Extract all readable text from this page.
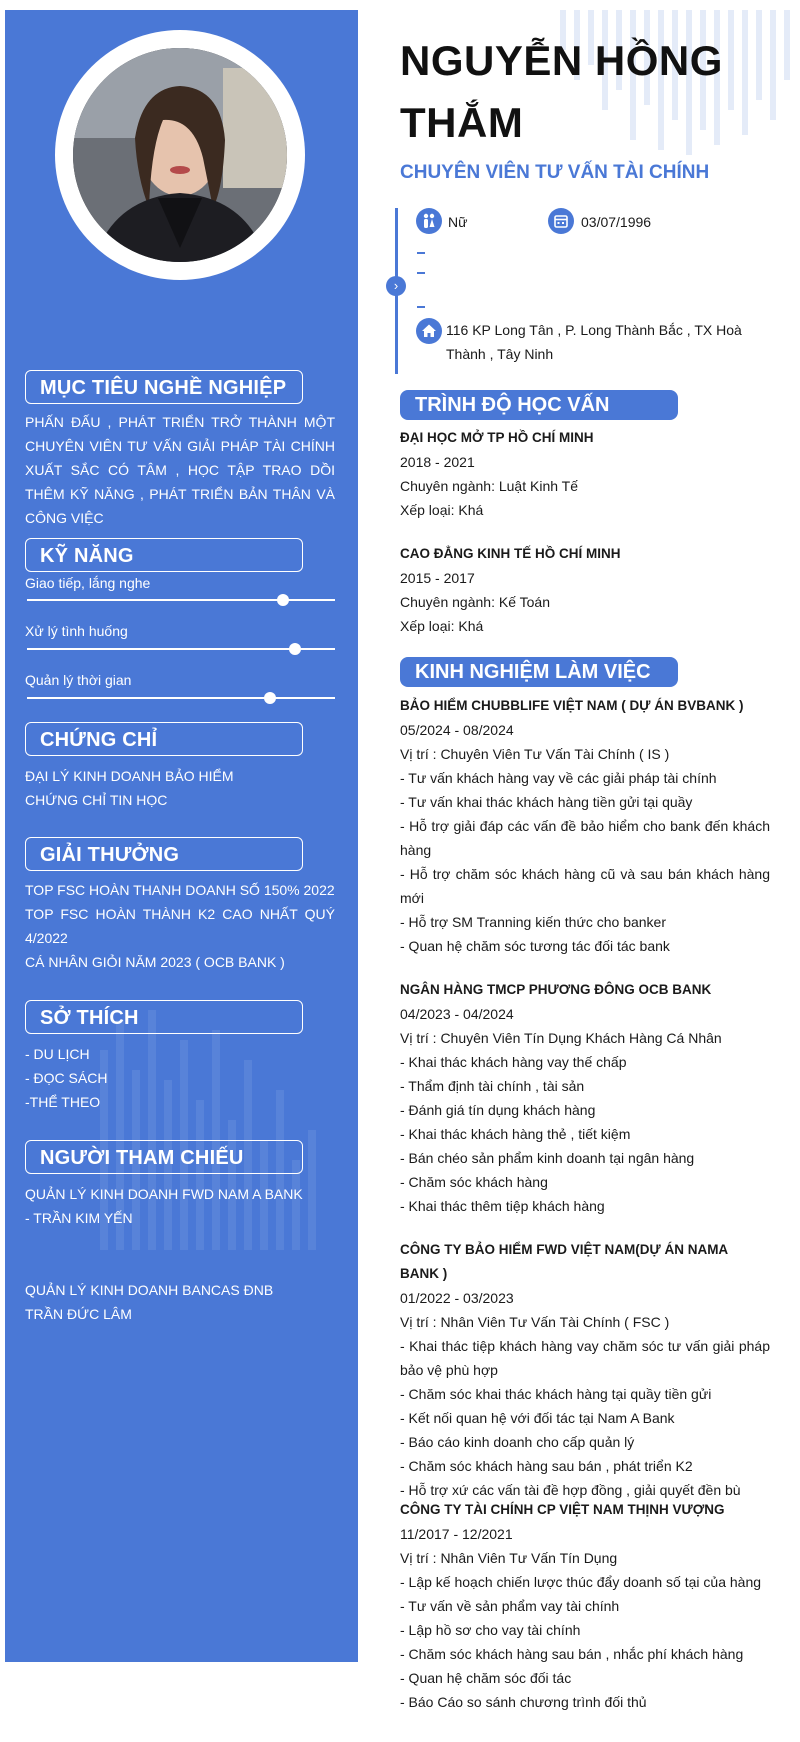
MỤC TIÊU NGHỀ NGHIỆP
PHẤN ĐẤU , PHÁT TRIỂN TRỞ THÀNH MỘT CHUYÊN VIÊN TƯ VẤN GIẢI PHÁP TÀI CHÍNH XUẤT SẮC CÓ TÂM , HỌC TẬP TRAO DỒI THÊM KỸ NĂNG , PHÁT TRIỂN BẢN THÂN VÀ CÔNG VIỆC
KỸ NĂNG
Giao tiếp, lắng nghe
Xử lý tình huống
Quản lý thời gian
CHỨNG CHỈ
ĐẠI LÝ KINH DOANH BẢO HIỂM
CHỨNG CHỈ TIN HỌC
GIẢI THƯỞNG
TOP FSC HOÀN THANH DOANH SỐ 150% 2022
TOP FSC HOÀN THÀNH K2 CAO NHẤT QUÝ 4/2022
CÁ NHÂN GIỎI NĂM 2023 ( OCB BANK )
SỞ THÍCH
- DU LỊCH
- ĐỌC SÁCH
-THỂ THEO
NGƯỜI THAM CHIẾU
QUẢN LÝ KINH DOANH FWD NAM A BANK
- TRẦN KIM YẾN
QUẢN LÝ KINH DOANH BANCAS ĐNB
TRẦN ĐỨC LÂM
NGUYỄN HỒNG THẮM
CHUYÊN VIÊN TƯ VẤN TÀI CHÍNH
›
Nữ	03/07/1996
116 KP Long Tân , P. Long Thành Bắc , TX Hoà Thành , Tây Ninh
TRÌNH ĐỘ HỌC VẤN
ĐẠI HỌC MỞ TP HỒ CHÍ MINH
2018 - 2021
Chuyên ngành: Luật Kinh Tế
Xếp loại: Khá
CAO ĐẲNG KINH TẾ HỒ CHÍ MINH
2015 - 2017
Chuyên ngành: Kế Toán
Xếp loại: Khá
KINH NGHIỆM LÀM VIỆC
BẢO HIỂM CHUBBLIFE VIỆT NAM ( DỰ ÁN BVBANK )
05/2024 - 08/2024
Vị trí : Chuyên Viên Tư Vấn Tài Chính ( IS )
- Tư vấn khách hàng vay về các giải pháp tài chính
- Tư vấn khai thác khách hàng tiền gửi tại quầy
- Hỗ trợ giải đáp các vấn đề bảo hiểm cho bank đến khách hàng
- Hỗ trợ chăm sóc khách hàng cũ và sau bán khách hàng mới
- Hỗ trợ SM Tranning kiến thức cho banker
- Quan hệ chăm sóc tương tác đối tác bank
NGÂN HÀNG TMCP PHƯƠNG ĐÔNG OCB BANK
04/2023 - 04/2024
Vị trí : Chuyên Viên Tín Dụng Khách Hàng Cá Nhân
- Khai thác khách hàng vay thế chấp
- Thẩm định tài chính , tài sản
- Đánh giá tín dụng khách hàng
- Khai thác khách hàng thẻ , tiết kiệm
- Bán chéo sản phẩm kinh doanh tại ngân hàng
- Chăm sóc khách hàng
- Khai thác thêm tiệp khách hàng
CÔNG TY BẢO HIỂM FWD VIỆT NAM(DỰ ÁN NAMA BANK )
01/2022 - 03/2023
Vị trí : Nhân Viên Tư Vấn Tài Chính ( FSC )
- Khai thác tiệp khách hàng vay chăm sóc tư vấn giải pháp bảo vệ phù hợp
- Chăm sóc khai thác khách hàng tại quầy tiền gửi
- Kết nối quan hệ với đối tác tại Nam A Bank
- Báo cáo kinh doanh cho cấp quản lý
- Chăm sóc khách hàng sau bán , phát triển K2
- Hỗ trợ xứ các vấn tài đề hợp đồng , giải quyết đền bù
CÔNG TY TÀI CHÍNH CP VIỆT NAM THỊNH VƯỢNG
11/2017 - 12/2021
Vị trí : Nhân Viên Tư Vấn Tín Dụng
- Lập kế hoạch chiến lược thúc đẩy doanh số tại của hàng
- Tư vấn về sản phẩm vay tài chính
- Lập hồ sơ cho vay tài chính
- Chăm sóc khách hàng sau bán , nhắc phí khách hàng
- Quan hệ chăm sóc đối tác
- Báo Cáo so sánh chương trình đối thủ
